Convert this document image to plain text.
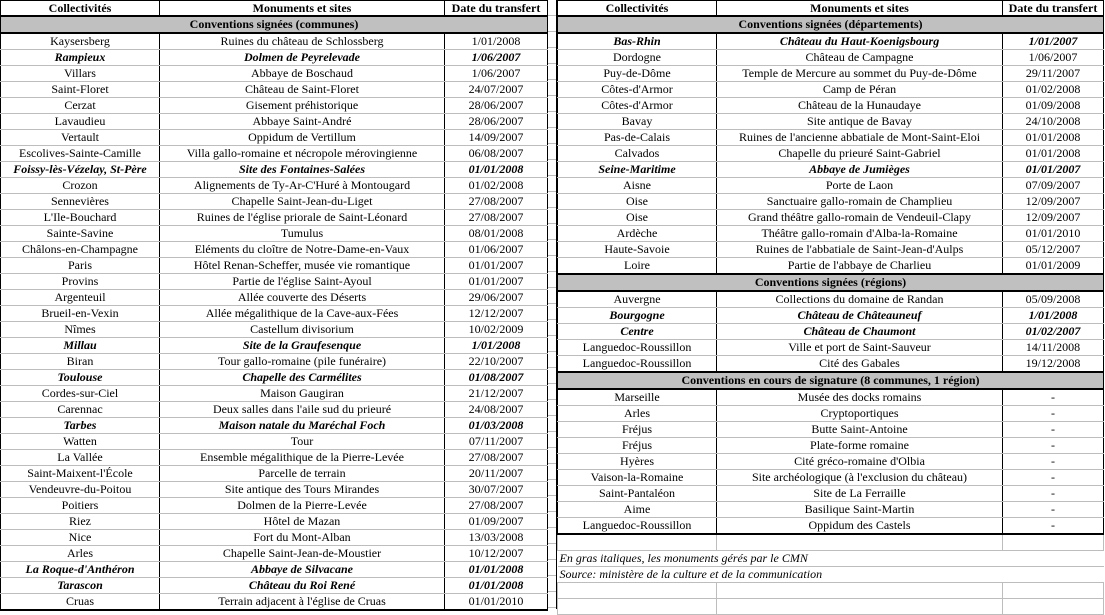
Collectivités	Monuments et sites	Date du transfert
Conventions signées (communes)		
Kaysersberg	Ruines du château de Schlossberg	1/01/2008
Rampieux	Dolmen de Peyrelevade	1/06/2007
Villars	Abbaye de Boschaud	1/06/2007
Saint-Floret	Château de Saint-Floret	24/07/2007
Cerzat	Gisement préhistorique	28/06/2007
Lavaudieu	Abbaye Saint-André	28/06/2007
Vertault	Oppidum de Vertillum	14/09/2007
Escolives-Sainte-Camille	Villa gallo-romaine et nécropole mérovingienne	06/08/2007
Foissy-lès-Vézelay, St-Père	Site des Fontaines-Salées	01/01/2008
Crozon	Alignements de Ty-Ar-C'Huré à Montougard	01/02/2008
Sennevières	Chapelle Saint-Jean-du-Liget	27/08/2007
L'Ile-Bouchard	Ruines de l'église priorale de Saint-Léonard	27/08/2007
Sainte-Savine	Tumulus	08/01/2008
Châlons-en-Champagne	Eléments du cloître de Notre-Dame-en-Vaux	01/06/2007
Paris	Hôtel Renan-Scheffer, musée vie romantique	01/01/2007
Provins	Partie de l'église Saint-Ayoul	01/01/2007
Argenteuil	Allée couverte des Déserts	29/06/2007
Brueil-en-Vexin	Allée mégalithique de la Cave-aux-Fées	12/12/2007
Nîmes	Castellum divisorium	10/02/2009
Millau	Site de la Graufesenque	1/01/2008
Biran	Tour gallo-romaine (pile funéraire)	22/10/2007
Toulouse	Chapelle des Carmélites	01/08/2007
Cordes-sur-Ciel	Maison Gaugiran	21/12/2007
Carennac	Deux salles dans l'aile sud du prieuré	24/08/2007
Tarbes	Maison natale du Maréchal Foch	01/03/2008
Watten	Tour	07/11/2007
La Vallée	Ensemble mégalithique de la Pierre-Levée	27/08/2007
Saint-Maixent-l'École	Parcelle de terrain	20/11/2007
Vendeuvre-du-Poitou	Site antique des Tours Mirandes	30/07/2007
Poitiers	Dolmen de la Pierre-Levée	27/08/2007
Riez	Hôtel de Mazan	01/09/2007
Nice	Fort du Mont-Alban	13/03/2008
Arles	Chapelle Saint-Jean-de-Moustier	10/12/2007
La Roque-d'Anthéron	Abbaye de Silvacane	01/01/2008
Tarascon	Château du Roi René	01/01/2008
Cruas	Terrain adjacent à l'église de Cruas	01/01/2010
Collectivités	Monuments et sites	Date du transfert
Conventions signées (départements)		
Bas-Rhin	Château du Haut-Koenigsbourg	1/01/2007
Dordogne	Château de Campagne	1/06/2007
Puy-de-Dôme	Temple de Mercure au sommet du Puy-de-Dôme	29/11/2007
Côtes-d'Armor	Camp de Péran	01/02/2008
Côtes-d'Armor	Château de la Hunaudaye	01/09/2008
Bavay	Site antique de Bavay	24/10/2008
Pas-de-Calais	Ruines de l'ancienne abbatiale de Mont-Saint-Eloi	01/01/2008
Calvados	Chapelle du prieuré Saint-Gabriel	01/01/2008
Seine-Maritime	Abbaye de Jumièges	01/01/2007
Aisne	Porte de Laon	07/09/2007
Oise	Sanctuaire gallo-romain de Champlieu	12/09/2007
Oise	Grand théâtre gallo-romain de Vendeuil-Clapy	12/09/2007
Ardèche	Théâtre gallo-romain d'Alba-la-Romaine	01/01/2010
Haute-Savoie	Ruines de l'abbatiale de Saint-Jean-d'Aulps	05/12/2007
Loire	Partie de l'abbaye de Charlieu	01/01/2009
Conventions signées (régions)		
Auvergne	Collections du domaine de Randan	05/09/2008
Bourgogne	Château de Châteauneuf	1/01/2008
Centre	Château de Chaumont	01/02/2007
Languedoc-Roussillon	Ville et port de Saint-Sauveur	14/11/2008
Languedoc-Roussillon	Cité des Gabales	19/12/2008
Conventions en cours de signature (8 communes, 1 région)		
Marseille	Musée des docks romains	-
Arles	Cryptoportiques	-
Fréjus	Butte Saint-Antoine	-
Fréjus	Plate-forme romaine	-
Hyères	Cité gréco-romaine d'Olbia	-
Vaison-la-Romaine	Site archéologique (à l'exclusion du château)	-
Saint-Pantaléon	Site de La Ferraille	-
Aime	Basilique Saint-Martin	-
Languedoc-Roussillon	Oppidum des Castels	-

En gras italiques, les monuments gérés par le CMN		
Source: ministère de la culture et de la communication		
